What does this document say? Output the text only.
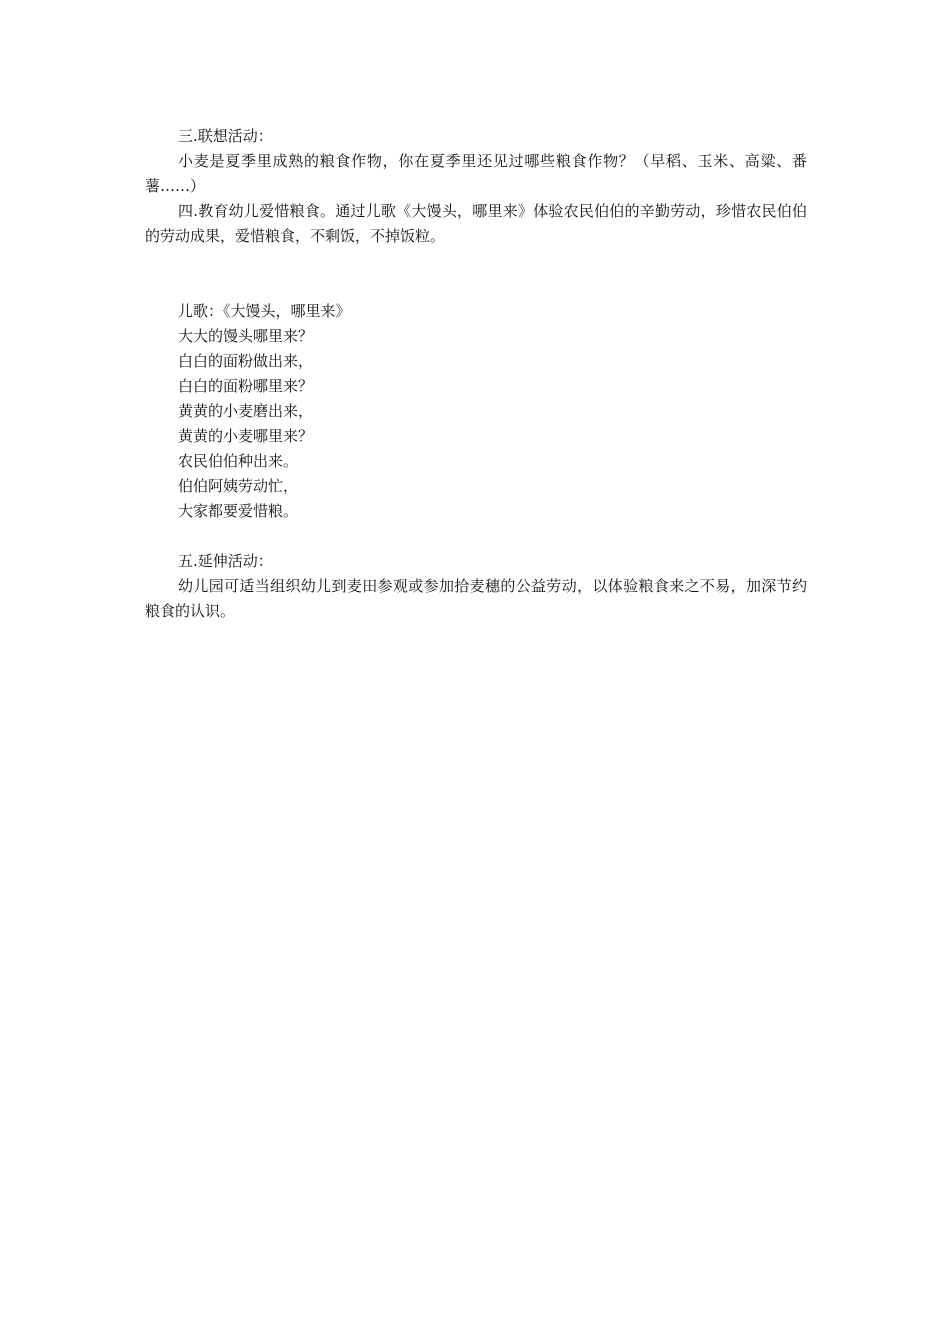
三.联想活动：

小麦是夏季里成熟的粮食作物，你在夏季里还见过哪些粮食作物？（早稻、玉米、高粱、番薯……）

四.教育幼儿爱惜粮食。通过儿歌《大馒头，哪里来》体验农民伯伯的辛勤劳动，珍惜农民伯伯的劳动成果，爱惜粮食，不剩饭，不掉饭粒。

儿歌：《大馒头，哪里来》

大大的馒头哪里来？

白白的面粉做出来，

白白的面粉哪里来？

黄黄的小麦磨出来，

黄黄的小麦哪里来？

农民伯伯种出来。

伯伯阿姨劳动忙，

大家都要爱惜粮。

五.延伸活动：

幼儿园可适当组织幼儿到麦田参观或参加拾麦穗的公益劳动，以体验粮食来之不易，加深节约粮食的认识。
